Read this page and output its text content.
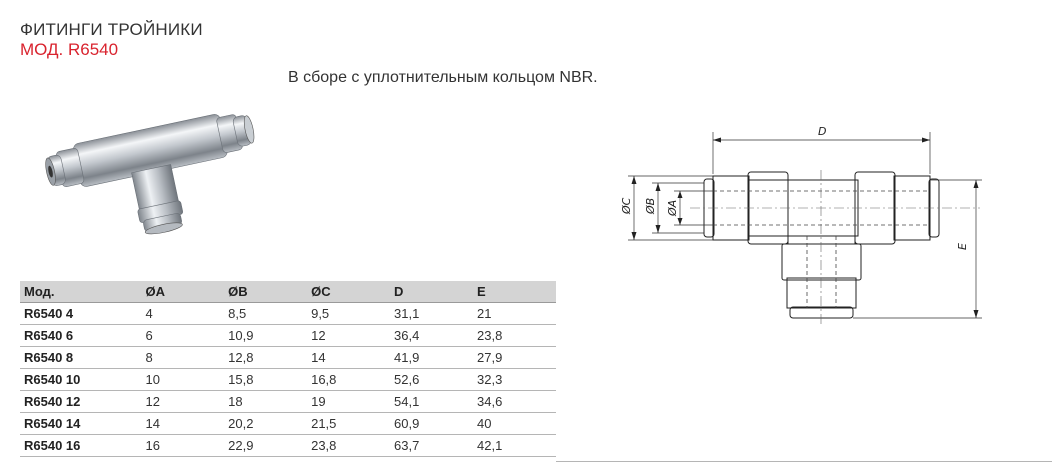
ФИТИНГИ ТРОЙНИКИ
МОД. R6540
В сборе с уплотнительным кольцом NBR.
D
E
ØC ØB ØA
Мод.	ØA	ØB	ØC	D	E
R6540 4	4	8,5	9,5	31,1	21
R6540 6	6	10,9	12	36,4	23,8
R6540 8	8	12,8	14	41,9	27,9
R6540 10	10	15,8	16,8	52,6	32,3
R6540 12	12	18	19	54,1	34,6
R6540 14	14	20,2	21,5	60,9	40
R6540 16	16	22,9	23,8	63,7	42,1
